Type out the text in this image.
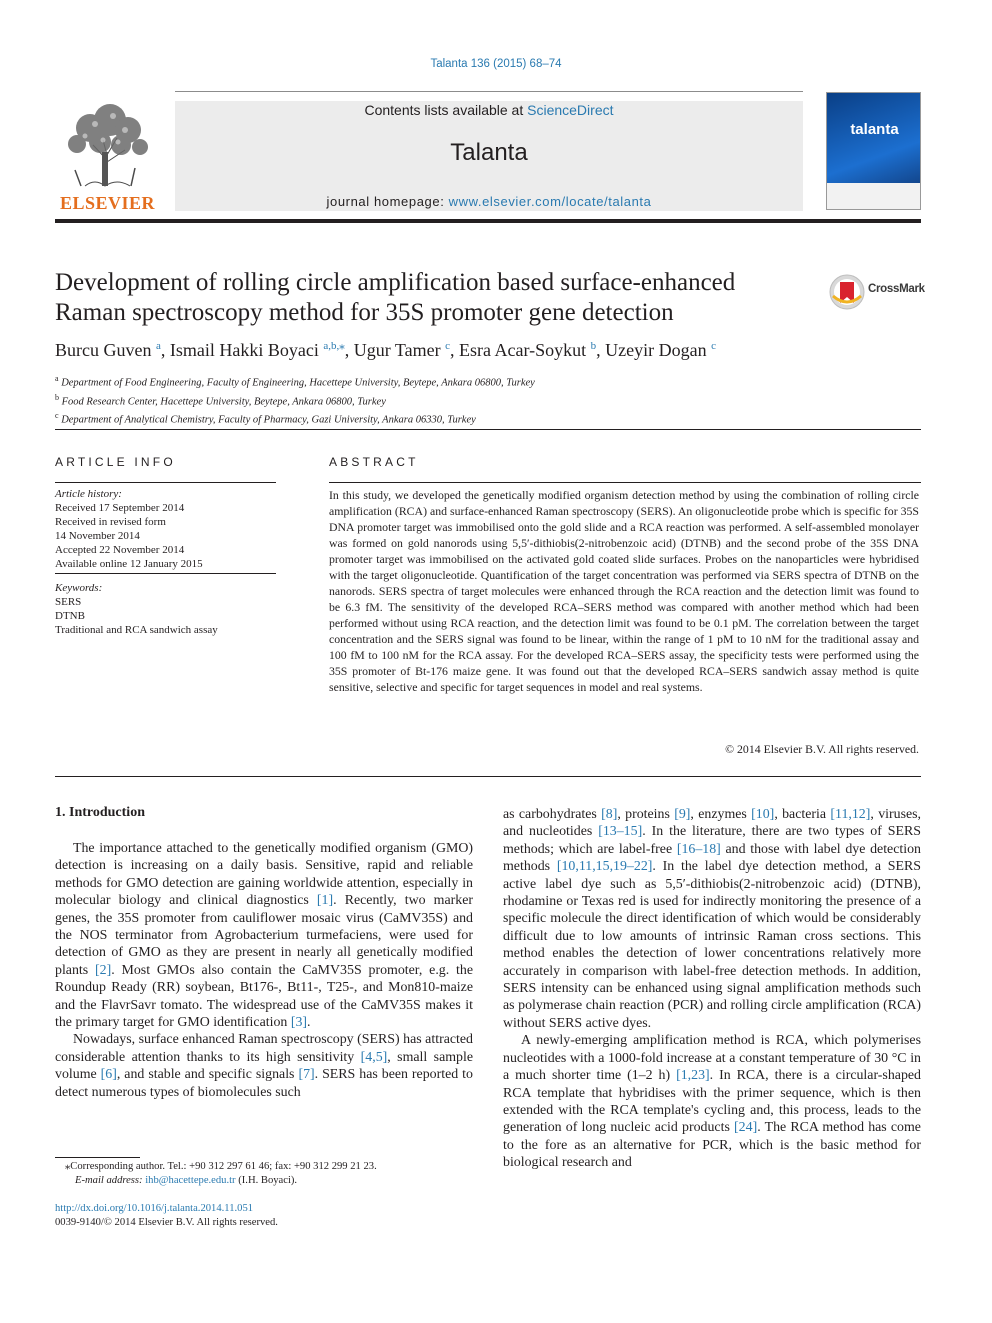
Talanta 136 (2015) 68–74
ELSEVIER
Contents lists available at ScienceDirect
Talanta
journal homepage: www.elsevier.com/locate/talanta
talanta
Development of rolling circle amplification based surface-enhanced Raman spectroscopy method for 35S promoter gene detection
CrossMark
Burcu Guven $^a$, Ismail Hakki Boyaci $^{a,b,⁎}$, Ugur Tamer $^c$, Esra Acar-Soykut $^b$, Uzeyir Dogan $^c$
$^a$ Department of Food Engineering, Faculty of Engineering, Hacettepe University, Beytepe, Ankara 06800, Turkey
$^b$ Food Research Center, Hacettepe University, Beytepe, Ankara 06800, Turkey
$^c$ Department of Analytical Chemistry, Faculty of Pharmacy, Gazi University, Ankara 06330, Turkey
ARTICLE INFO	ABSTRACT
Article history:
Received 17 September 2014
Received in revised form
14 November 2014
Accepted 22 November 2014
Available online 12 January 2015
Keywords:
SERS
DTNB
Traditional and RCA sandwich assay
In this study, we developed the genetically modified organism detection method by using the combination of rolling circle amplification (RCA) and surface-enhanced Raman spectroscopy (SERS). An oligonucleotide probe which is specific for 35S DNA promoter target was immobilised onto the gold slide and a RCA reaction was performed. A self-assembled monolayer was formed on gold nanorods using 5,5′-dithiobis(2-nitrobenzoic acid) (DTNB) and the second probe of the 35S DNA promoter target was immobilised on the activated gold coated slide surfaces. Probes on the nanoparticles were hybridised with the target oligonucleotide. Quantification of the target concentration was performed via SERS spectra of DTNB on the nanorods. SERS spectra of target molecules were enhanced through the RCA reaction and the detection limit was found to be 6.3 fM. The sensitivity of the developed RCA–SERS method was compared with another method which had been performed without using RCA reaction, and the detection limit was found to be 0.1 pM. The correlation between the target concentration and the SERS signal was found to be linear, within the range of 1 pM to 10 nM for the traditional assay and 100 fM to 100 nM for the RCA assay. For the developed RCA–SERS assay, the specificity tests were performed using the 35S promoter of Bt-176 maize gene. It was found out that the developed RCA–SERS sandwich assay method is quite sensitive, selective and specific for target sequences in model and real systems.
© 2014 Elsevier B.V. All rights reserved.
1. Introduction

The importance attached to the genetically modified organism (GMO) detection is increasing on a daily basis. Sensitive, rapid and reliable methods for GMO detection are gaining worldwide attention, especially in molecular biology and clinical diagnostics [1]. Recently, two marker genes, the 35S promoter from cauliflower mosaic virus (CaMV35S) and the NOS terminator from Agrobacterium turmefaciens, were used for detection of GMO as they are present in nearly all genetically modified plants [2]. Most GMOs also contain the CaMV35S promoter, e.g. the Roundup Ready (RR) soybean, Bt176-, Bt11-, T25-, and Mon810-maize and the FlavrSavr tomato. The widespread use of the CaMV35S makes it the primary target for GMO identification [3].

Nowadays, surface enhanced Raman spectroscopy (SERS) has attracted considerable attention thanks to its high sensitivity [4,5], small sample volume [6], and stable and specific signals [7]. SERS has been reported to detect numerous types of biomolecules such

as carbohydrates [8], proteins [9], enzymes [10], bacteria [11,12], viruses, and nucleotides [13–15]. In the literature, there are two types of SERS methods; which are label-free [16–18] and those with label dye detection methods [10,11,15,19–22]. In the label dye detection method, a SERS active label dye such as 5,5′-dithiobis(2-nitrobenzoic acid) (DTNB), rhodamine or Texas red is used for indirectly monitoring the presence of a specific molecule the direct identification of which would be considerably difficult due to low amounts of intrinsic Raman cross sections. This method enables the detection of lower concentrations relatively more accurately in comparison with label-free detection methods. In addition, SERS intensity can be enhanced using signal amplification methods such as polymerase chain reaction (PCR) and rolling circle amplification (RCA) without SERS active dyes.

A newly-emerging amplification method is RCA, which polymerises nucleotides with a 1000-fold increase at a constant temperature of 30 °C in a much shorter time (1–2 h) [1,23]. In RCA, there is a circular-shaped RCA template that hybridises with the primer sequence, which is then extended with the RCA template's cycling and, this process, leads to the generation of long nucleic acid products [24]. The RCA method has come to the fore as an alternative for PCR, which is the basic method for biological research and

⁎Corresponding author. Tel.: +90 312 297 61 46; fax: +90 312 299 21 23.
E-mail address: ihb@hacettepe.edu.tr (I.H. Boyaci).
http://dx.doi.org/10.1016/j.talanta.2014.11.051
0039-9140/© 2014 Elsevier B.V. All rights reserved.
